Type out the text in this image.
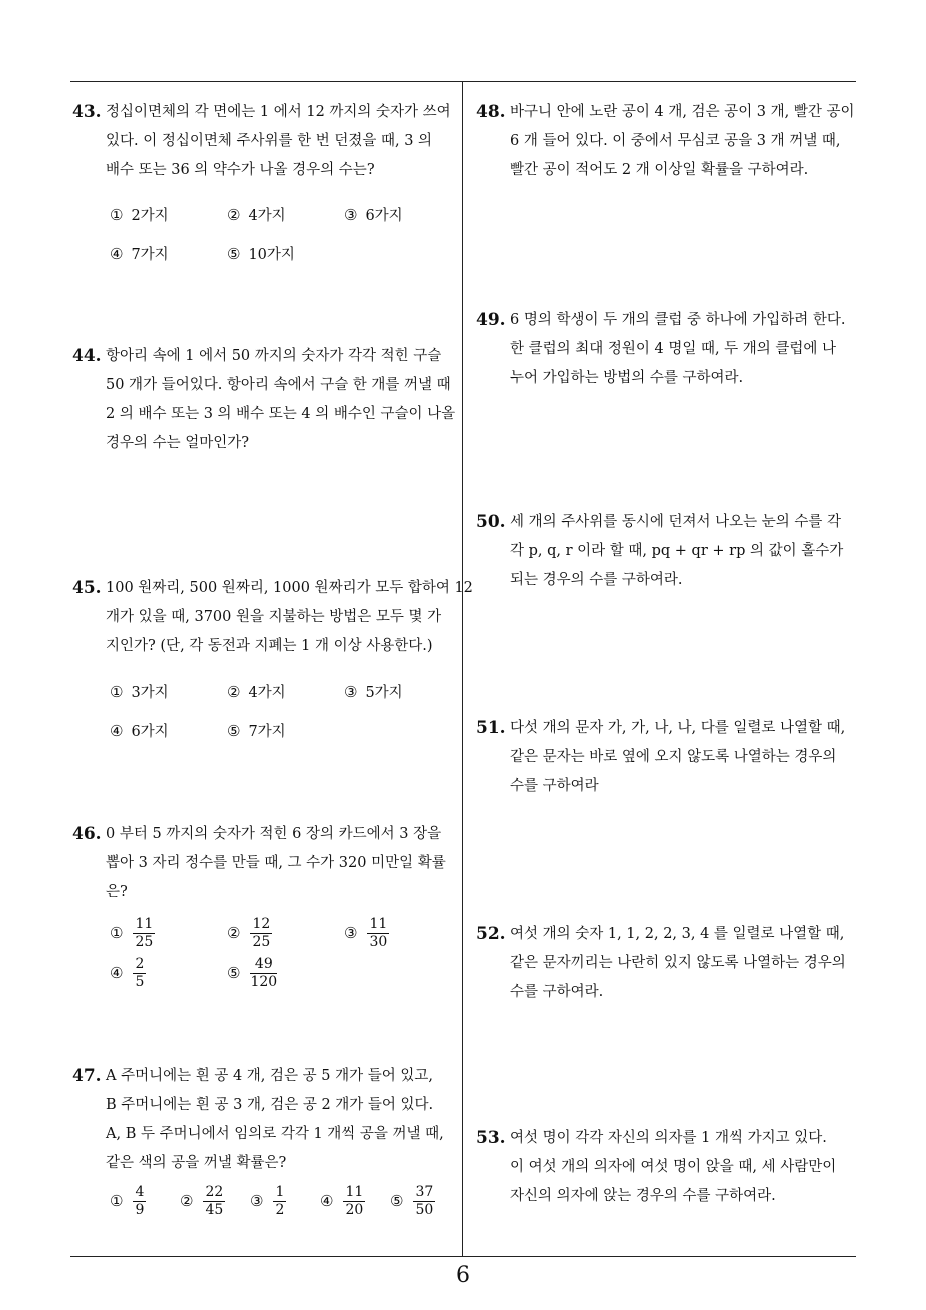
6
43. 정십이면체의 각 면에는 1 에서 12 까지의 숫자가 쓰여
있다. 이 정십이면체 주사위를 한 번 던졌을 때, 3 의
배수 또는 36 의 약수가 나올 경우의 수는?
① 2가지	② 4가지	③ 6가지
④ 7가지	⑤ 10가지
44. 항아리 속에 1 에서 50 까지의 숫자가 각각 적힌 구슬
50 개가 들어있다. 항아리 속에서 구슬 한 개를 꺼낼 때
2 의 배수 또는 3 의 배수 또는 4 의 배수인 구슬이 나올
경우의 수는 얼마인가?
45. 100 원짜리, 500 원짜리, 1000 원짜리가 모두 합하여 12
개가 있을 때, 3700 원을 지불하는 방법은 모두 몇 가
지인가? (단, 각 동전과 지폐는 1 개 이상 사용한다.)
① 3가지	② 4가지	③ 5가지
④ 6가지	⑤ 7가지
46. 0 부터 5 까지의 숫자가 적힌 6 장의 카드에서 3 장을
뽑아 3 자리 정수를 만들 때, 그 수가 320 미만일 확률
은?
① $\frac{11}{25}$	② $\frac{12}{25}$	③ $\frac{11}{30}$
④ $\frac{2}{5}$	⑤ $\frac{49}{120}$
47. A 주머니에는 흰 공 4 개, 검은 공 5 개가 들어 있고,
B 주머니에는 흰 공 3 개, 검은 공 2 개가 들어 있다.
A, B 두 주머니에서 임의로 각각 1 개씩 공을 꺼낼 때,
같은 색의 공을 꺼낼 확률은?
① $\frac{4}{9}$ ② $\frac{22}{45}$ ③ $\frac{1}{2}$ ④ $\frac{11}{20}$ ⑤ $\frac{37}{50}$
48. 바구니 안에 노란 공이 4 개, 검은 공이 3 개, 빨간 공이
6 개 들어 있다. 이 중에서 무심코 공을 3 개 꺼낼 때,
빨간 공이 적어도 2 개 이상일 확률을 구하여라.
49. 6 명의 학생이 두 개의 클럽 중 하나에 가입하려 한다.
한 클럽의 최대 정원이 4 명일 때, 두 개의 클럽에 나
누어 가입하는 방법의 수를 구하여라.
50. 세 개의 주사위를 동시에 던져서 나오는 눈의 수를 각
각 p, q, r 이라 할 때, pq + qr + rp 의 값이 홀수가
되는 경우의 수를 구하여라.
51. 다섯 개의 문자 가, 가, 나, 나, 다를 일렬로 나열할 때,
같은 문자는 바로 옆에 오지 않도록 나열하는 경우의
수를 구하여라
52. 여섯 개의 숫자 1, 1, 2, 2, 3, 4 를 일렬로 나열할 때,
같은 문자끼리는 나란히 있지 않도록 나열하는 경우의
수를 구하여라.
53. 여섯 명이 각각 자신의 의자를 1 개씩 가지고 있다.
이 여섯 개의 의자에 여섯 명이 앉을 때, 세 사람만이
자신의 의자에 앉는 경우의 수를 구하여라.
